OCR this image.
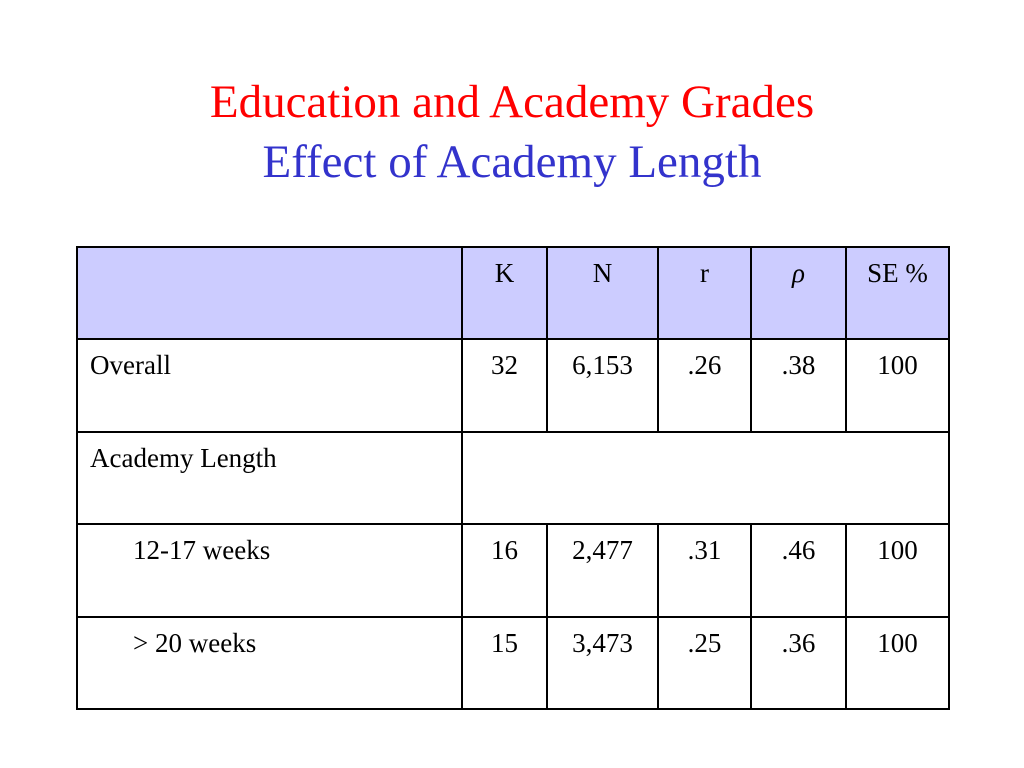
Education and Academy Grades
Effect of Academy Length
	K	N	r	ρ	SE %
Overall	32	6,153	.26	.38	100
Academy Length					
12-17 weeks	16	2,477	.31	.46	100
> 20 weeks	15	3,473	.25	.36	100
